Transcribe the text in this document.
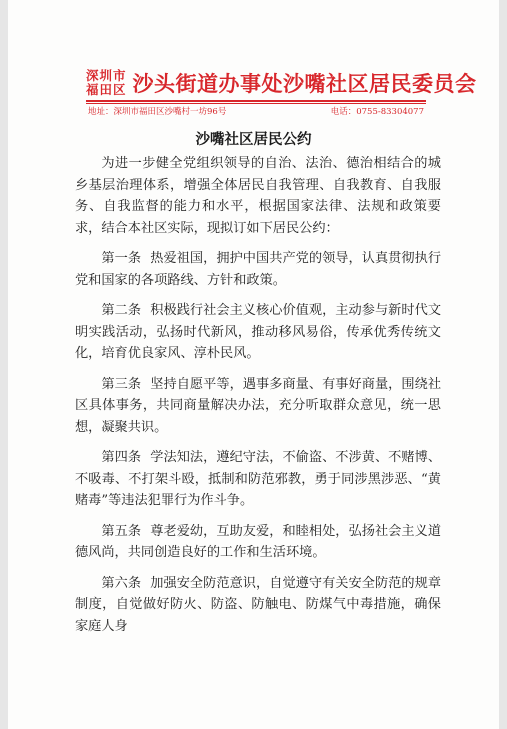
深圳市
福田区 沙头街道办事处沙嘴社区居民委员会
地址：深圳市福田区沙嘴村一坊96号	电话：0755-83304077
沙嘴社区居民公约

为进一步健全党组织领导的自治、法治、德治相结合的城乡基层治理体系，增强全体居民自我管理、自我教育、自我服务、自我监督的能力和水平，根据国家法律、法规和政策要求，结合本社区实际，现拟订如下居民公约：

第一条 热爱祖国，拥护中国共产党的领导，认真贯彻执行党和国家的各项路线、方针和政策。

第二条 积极践行社会主义核心价值观，主动参与新时代文明实践活动，弘扬时代新风，推动移风易俗，传承优秀传统文化，培育优良家风、淳朴民风。

第三条 坚持自愿平等，遇事多商量、有事好商量，围绕社区具体事务，共同商量解决办法，充分听取群众意见，统一思想，凝聚共识。

第四条 学法知法，遵纪守法，不偷盗、不涉黄、不赌博、不吸毒、不打架斗殴，抵制和防范邪教，勇于同涉黑涉恶、“黄赌毒”等违法犯罪行为作斗争。

第五条 尊老爱幼，互助友爱，和睦相处，弘扬社会主义道德风尚，共同创造良好的工作和生活环境。

第六条 加强安全防范意识，自觉遵守有关安全防范的规章制度，自觉做好防火、防盗、防触电、防煤气中毒措施，确保家庭人身
